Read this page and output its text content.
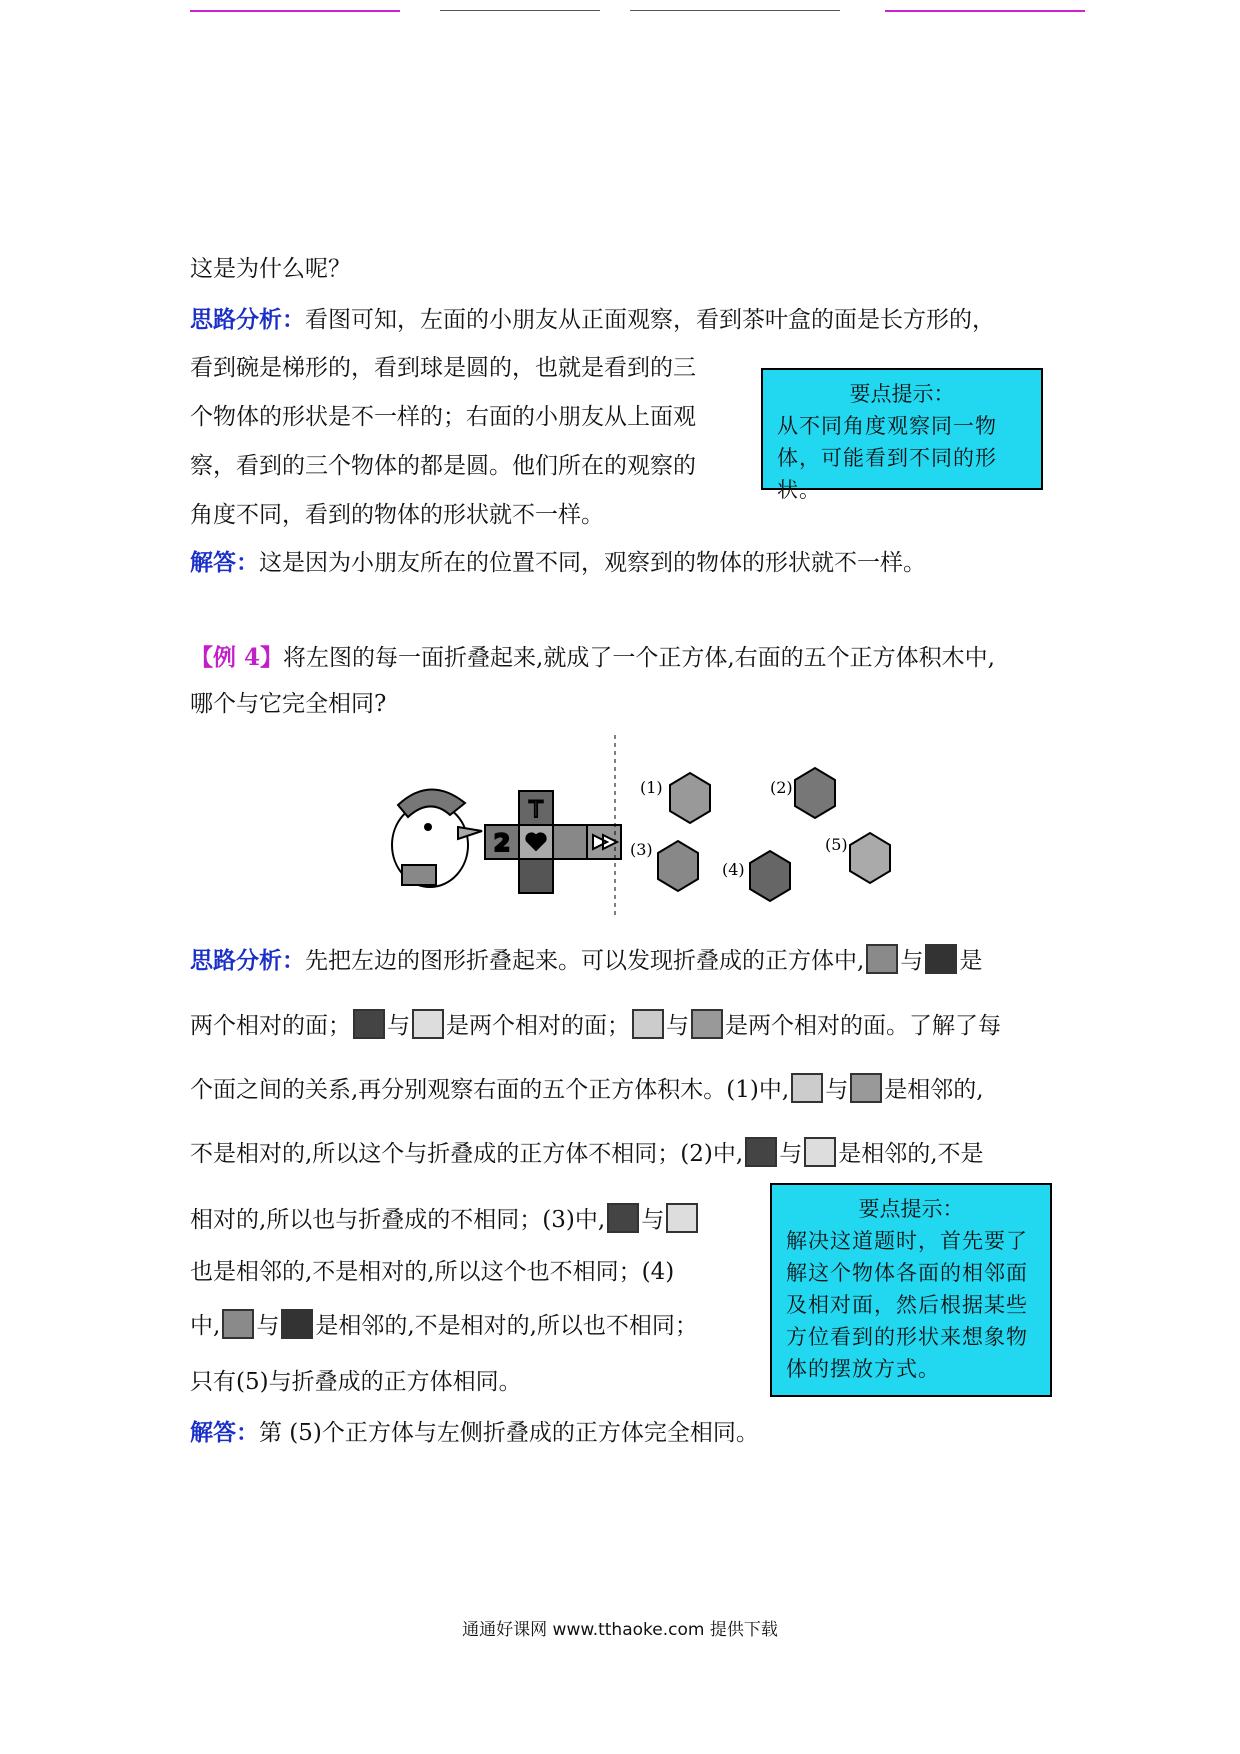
这是为什么呢？

思路分析：看图可知，左面的小朋友从正面观察，看到茶叶盒的面是长方形的，

看到碗是梯形的，看到球是圆的，也就是看到的三

个物体的形状是不一样的；右面的小朋友从上面观

察，看到的三个物体的都是圆。他们所在的观察的

角度不同，看到的物体的形状就不一样。

要点提示：
从不同角度观察同一物体，可能看到不同的形状。

解答：这是因为小朋友所在的位置不同，观察到的物体的形状就不一样。

【例 4】将左图的每一面折叠起来,就成了一个正方体,右面的五个正方体积木中,

哪个与它完全相同?

T
2
(1)	(2)
(3)
(4)
(5)

思路分析：先把左边的图形折叠起来。可以发现折叠成的正方体中, 与 是

两个相对的面； 与 是两个相对的面； 与 是两个相对的面。了解了每

个面之间的关系,再分别观察右面的五个正方体积木。(1)中, 与 是相邻的,

不是相对的,所以这个与折叠成的正方体不相同；(2)中, 与 是相邻的,不是

相对的,所以也与折叠成的不相同；(3)中, 与

也是相邻的,不是相对的,所以这个也不相同；(4)

中, 与 是相邻的,不是相对的,所以也不相同；

只有(5)与折叠成的正方体相同。

要点提示：
解决这道题时，首先要了解这个物体各面的相邻面及相对面，然后根据某些方位看到的形状来想象物体的摆放方式。

解答：第 (5)个正方体与左侧折叠成的正方体完全相同。

通通好课网 www.tthaoke.com 提供下载
